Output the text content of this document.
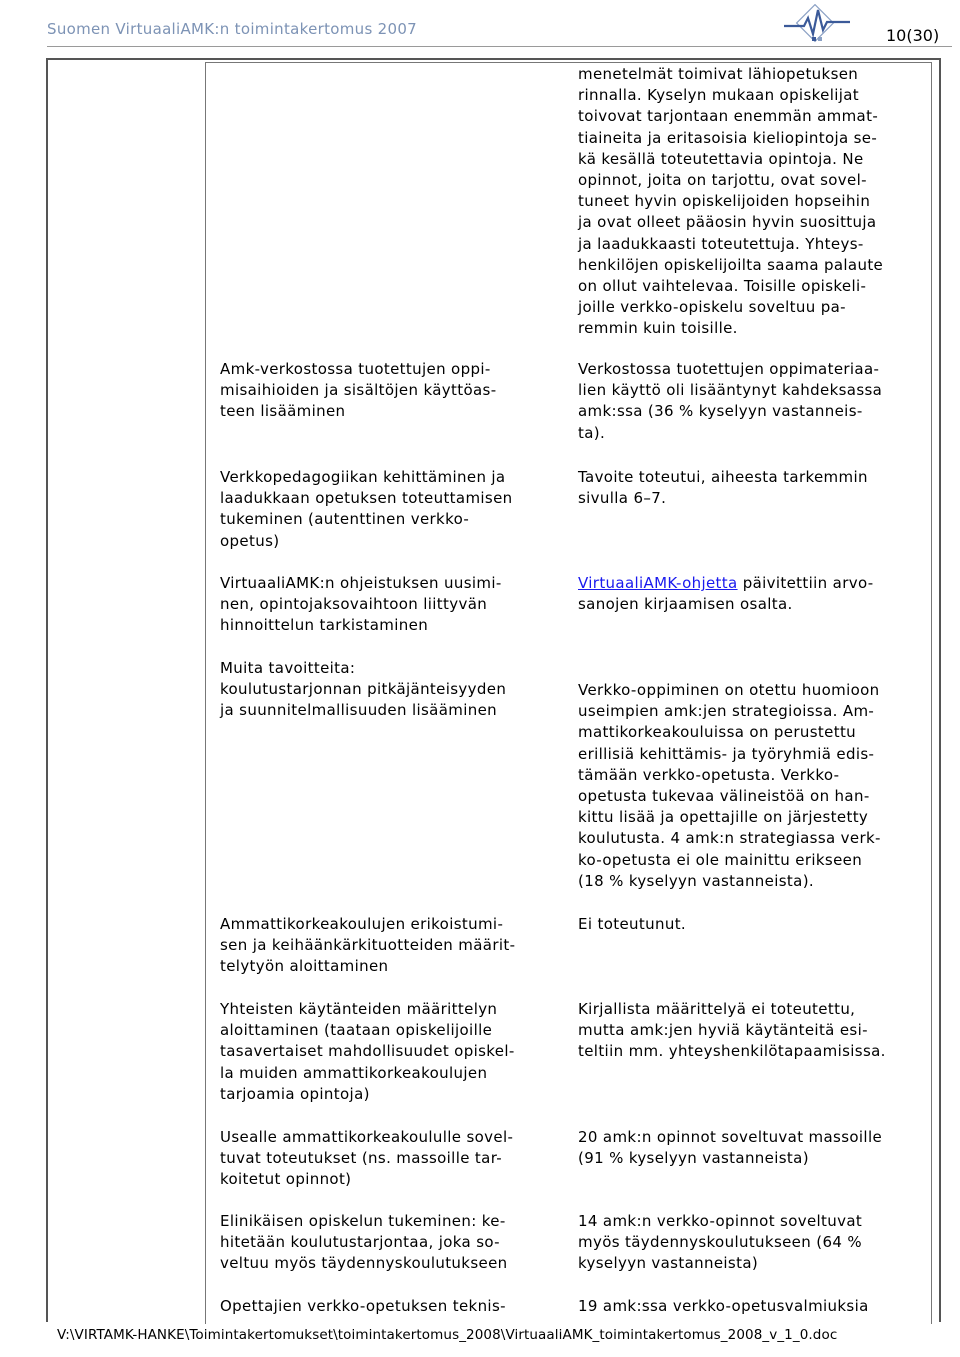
Suomen VirtuaaliAMK:n toimintakertomus 2007	10(30)
menetelmät toimivat lähiopetuksen
rinnalla. Kyselyn mukaan opiskelijat
toivovat tarjontaan enemmän ammat-
tiaineita ja eritasoisia kieliopintoja se-
kä kesällä toteutettavia opintoja. Ne
opinnot, joita on tarjottu, ovat sovel-
tuneet hyvin opiskelijoiden hopseihin
ja ovat olleet pääosin hyvin suosittuja
ja laadukkaasti toteutettuja. Yhteys-
henkilöjen opiskelijoilta saama palaute
on ollut vaihtelevaa. Toisille opiskeli-
joille verkko-opiskelu soveltuu pa-
remmin kuin toisille.
Amk-verkostossa tuotettujen oppi-
misaihioiden ja sisältöjen käyttöas-
teen lisääminen
Verkostossa tuotettujen oppimateriaa-
lien käyttö oli lisääntynyt kahdeksassa
amk:ssa (36 % kyselyyn vastanneis-
ta).
Verkkopedagogiikan kehittäminen ja
laadukkaan opetuksen toteuttamisen
tukeminen (autenttinen verkko-
opetus)
Tavoite toteutui, aiheesta tarkemmin
sivulla 6–7.
VirtuaaliAMK:n ohjeistuksen uusimi-
nen, opintojaksovaihtoon liittyvän
hinnoittelun tarkistaminen
VirtuaaliAMK-ohjetta päivitettiin arvo-
sanojen kirjaamisen osalta.
Muita tavoitteita:
koulutustarjonnan pitkäjänteisyyden
ja suunnitelmallisuuden lisääminen
Verkko-oppiminen on otettu huomioon
useimpien amk:jen strategioissa. Am-
mattikorkeakouluissa on perustettu
erillisiä kehittämis- ja työryhmiä edis-
tämään verkko-opetusta. Verkko-
opetusta tukevaa välineistöä on han-
kittu lisää ja opettajille on järjestetty
koulutusta. 4 amk:n strategiassa verk-
ko-opetusta ei ole mainittu erikseen
(18 % kyselyyn vastanneista).
Ammattikorkeakoulujen erikoistumi-
sen ja keihäänkärkituotteiden määrit-
telytyön aloittaminen
Ei toteutunut.
Yhteisten käytänteiden määrittelyn
aloittaminen (taataan opiskelijoille
tasavertaiset mahdollisuudet opiskel-
la muiden ammattikorkeakoulujen
tarjoamia opintoja)
Kirjallista määrittelyä ei toteutettu,
mutta amk:jen hyviä käytänteitä esi-
teltiin mm. yhteyshenkilötapaamisissa.
Usealle ammattikorkeakoululle sovel-
tuvat toteutukset (ns. massoille tar-
koitetut opinnot)
20 amk:n opinnot soveltuvat massoille
(91 % kyselyyn vastanneista)
Elinikäisen opiskelun tukeminen: ke-
hitetään koulutustarjontaa, joka so-
veltuu myös täydennyskoulutukseen
14 amk:n verkko-opinnot soveltuvat
myös täydennyskoulutukseen (64 %
kyselyyn vastanneista)
Opettajien verkko-opetuksen teknis-	19 amk:ssa verkko-opetusvalmiuksia
V:\VIRTAMK-HANKE\Toimintakertomukset\toimintakertomus_2008\VirtuaaliAMK_toimintakertomus_2008_v_1_0.doc
